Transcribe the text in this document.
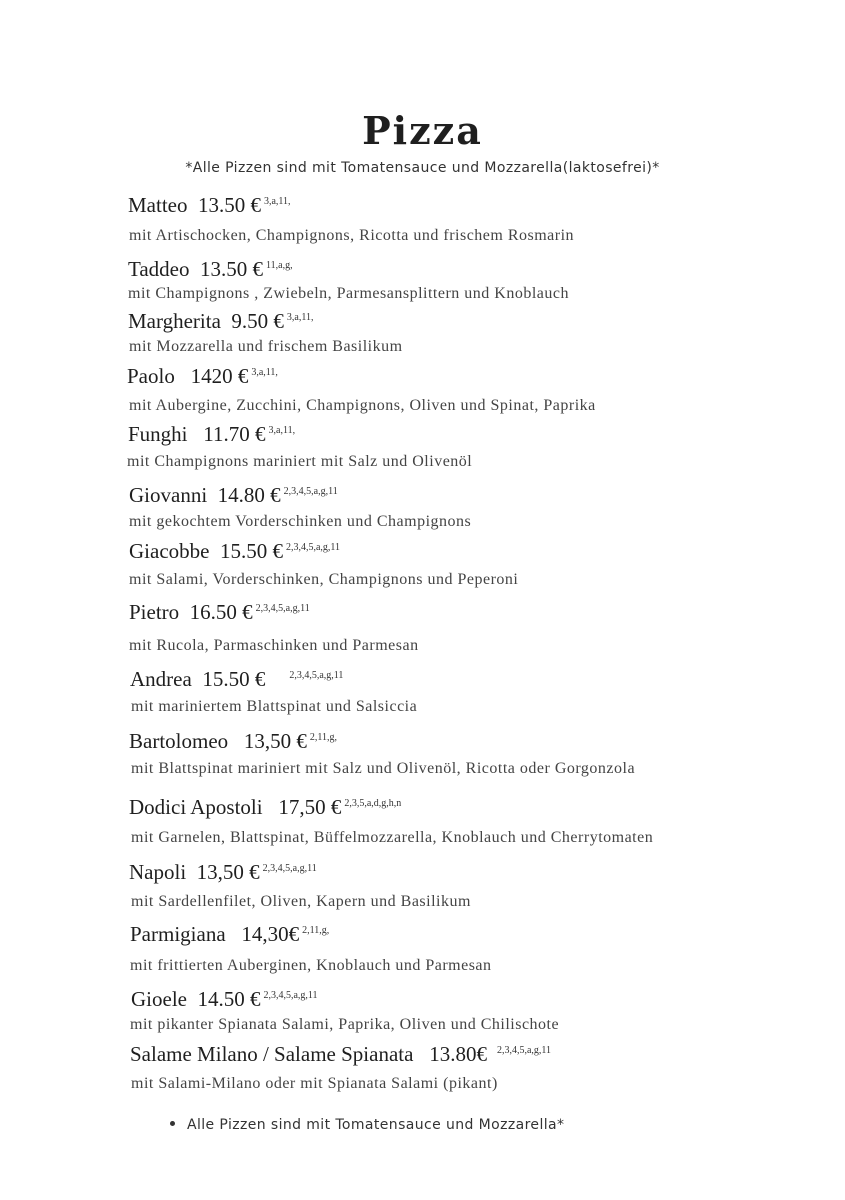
Pizza
*Alle Pizzen sind mit Tomatensauce und Mozzarella(laktosefrei)*
Matteo 13.50 € $^{3,a,11,}$
mit Artischocken, Champignons, Ricotta und frischem Rosmarin
Taddeo 13.50 € $^{11,a,g,}$
mit Champignons , Zwiebeln, Parmesansplittern und Knoblauch
Margherita 9.50 € $^{3,a,11,}$
mit Mozzarella und frischem Basilikum
Paolo 1420 € $^{3,a,11,}$
mit Aubergine, Zucchini, Champignons, Oliven und Spinat, Paprika
Funghi 11.70 € $^{3,a,11,}$
mit Champignons mariniert mit Salz und Olivenöl
Giovanni 14.80 € $^{2,3,4,5,a,g,11}$
mit gekochtem Vorderschinken und Champignons
Giacobbe 15.50 € $^{2,3,4,5,a,g,11}$
mit Salami, Vorderschinken, Champignons und Peperoni
Pietro 16.50 € $^{2,3,4,5,a,g,11}$
mit Rucola, Parmaschinken und Parmesan
Andrea 15.50 € $^{2,3,4,5,a,g,11}$
mit mariniertem Blattspinat und Salsiccia
Bartolomeo 13,50 € $^{2,11,g,}$
mit Blattspinat mariniert mit Salz und Olivenöl, Ricotta oder Gorgonzola
Dodici Apostoli 17,50 € $^{2,3,5,a,d,g,h,n}$
mit Garnelen, Blattspinat, Büffelmozzarella, Knoblauch und Cherrytomaten
Napoli 13,50 € $^{2,3,4,5,a,g,11}$
mit Sardellenfilet, Oliven, Kapern und Basilikum
Parmigiana 14,30€ $^{2,11,g,}$
mit frittierten Auberginen, Knoblauch und Parmesan
Gioele 14.50 € $^{2,3,4,5,a,g,11}$
mit pikanter Spianata Salami, Paprika, Oliven und Chilischote
Salame Milano / Salame Spianata 13.80€ $^{2,3,4,5,a,g,11}$
mit Salami-Milano oder mit Spianata Salami (pikant)
Alle Pizzen sind mit Tomatensauce und Mozzarella*
